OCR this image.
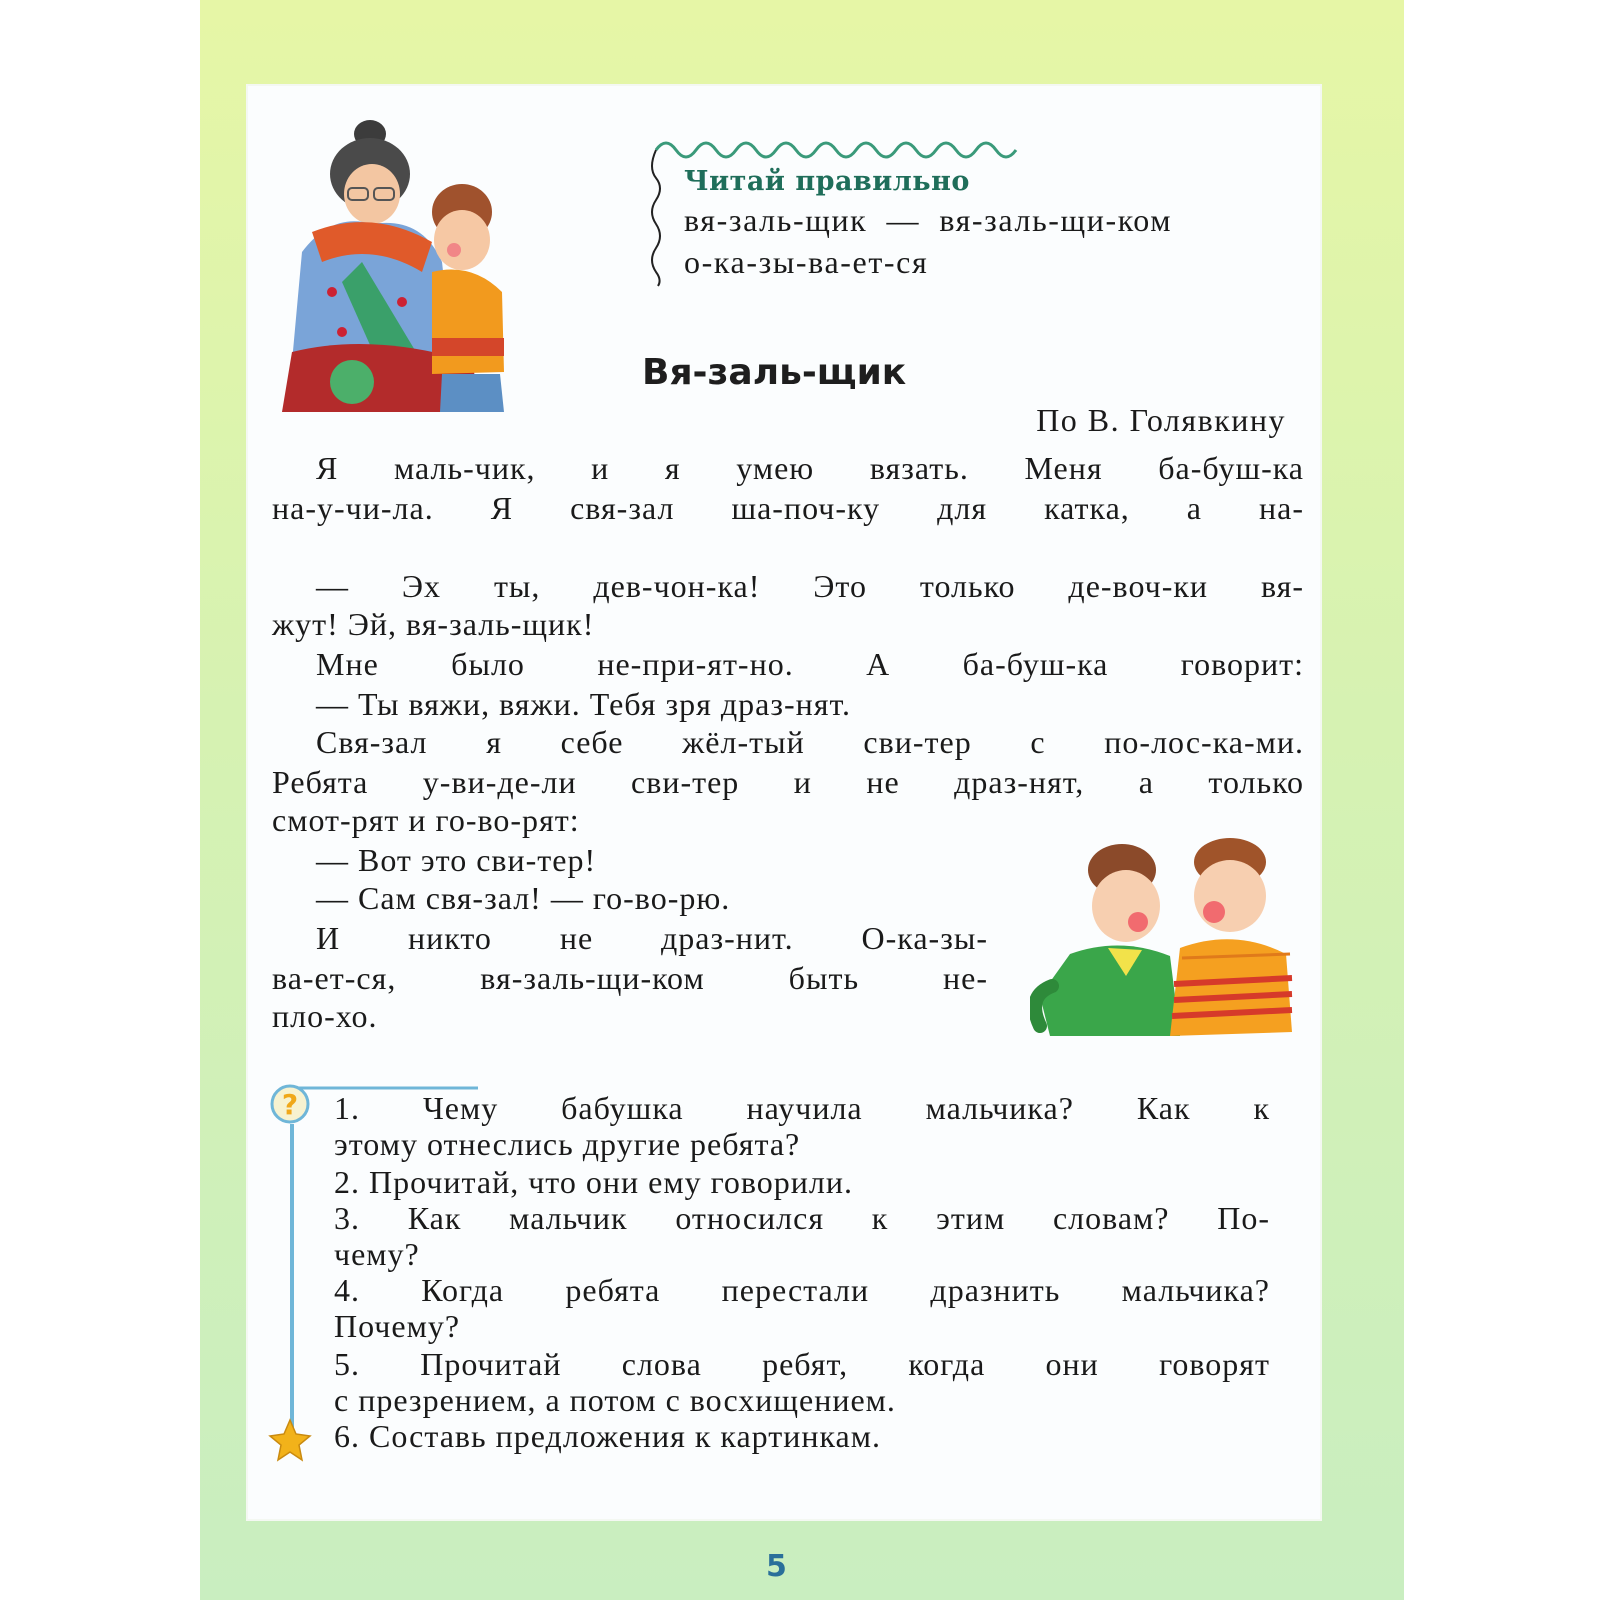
Читай правильно
вя-заль-щик  —  вя-заль-щи-ком
о-ка-зы-ва-ет-ся
Вя-заль-щик
По В. Голявкину
Я маль-чик, и я умею вязать. Меня ба-буш-ка
на-у-чи-ла. Я свя-зал ша-поч-ку для катка, а на-
— Эх ты, дев-чон-ка! Это только де-воч-ки вя-
жут! Эй, вя-заль-щик!
Мне было не-при-ят-но. А ба-буш-ка говорит:
— Ты вяжи, вяжи. Тебя зря драз-нят.
Свя-зал я себе жёл-тый сви-тер с по-лос-ка-ми.
Ребята у-ви-де-ли сви-тер и не драз-нят, а только
смот-рят и го-во-рят:
— Вот это сви-тер!
— Сам свя-зал! — го-во-рю.
И никто не драз-нит. О-ка-зы-
ва-ет-ся, вя-заль-щи-ком быть не-
пло-хо.
? 1. Чему бабушка научила мальчика? Как к
этому отнеслись другие ребята?
2. Прочитай, что они ему говорили.
3. Как мальчик относился к этим словам? По-
чему?
4. Когда ребята перестали дразнить мальчика?
Почему?
5. Прочитай слова ребят, когда они говорят
с презрением, а потом с восхищением.
6. Составь предложения к картинкам.
5
